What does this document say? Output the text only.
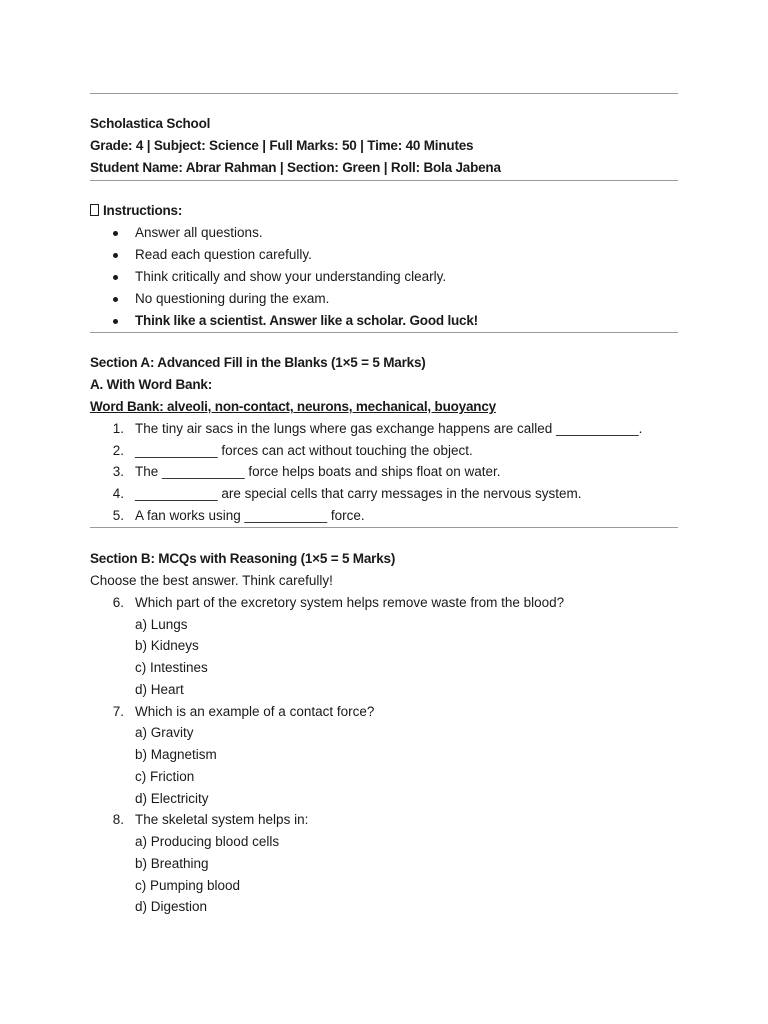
Scholastica School
Grade: 4 | Subject: Science | Full Marks: 50 | Time: 40 Minutes
Student Name: Abrar Rahman | Section: Green | Roll: Bola Jabena
Instructions:
Answer all questions.
Read each question carefully.
Think critically and show your understanding clearly.
No questioning during the exam.
Think like a scientist. Answer like a scholar. Good luck!
Section A: Advanced Fill in the Blanks (1×5 = 5 Marks)
A. With Word Bank:
Word Bank: alveoli, non-contact, neurons, mechanical, buoyancy
1. The tiny air sacs in the lungs where gas exchange happens are called ___________.
2. ___________ forces can act without touching the object.
3. The ___________ force helps boats and ships float on water.
4. ___________ are special cells that carry messages in the nervous system.
5. A fan works using ___________ force.
Section B: MCQs with Reasoning (1×5 = 5 Marks)
Choose the best answer. Think carefully!
6. Which part of the excretory system helps remove waste from the blood?
a) Lungs
b) Kidneys
c) Intestines
d) Heart
7. Which is an example of a contact force?
a) Gravity
b) Magnetism
c) Friction
d) Electricity
8. The skeletal system helps in:
a) Producing blood cells
b) Breathing
c) Pumping blood
d) Digestion
